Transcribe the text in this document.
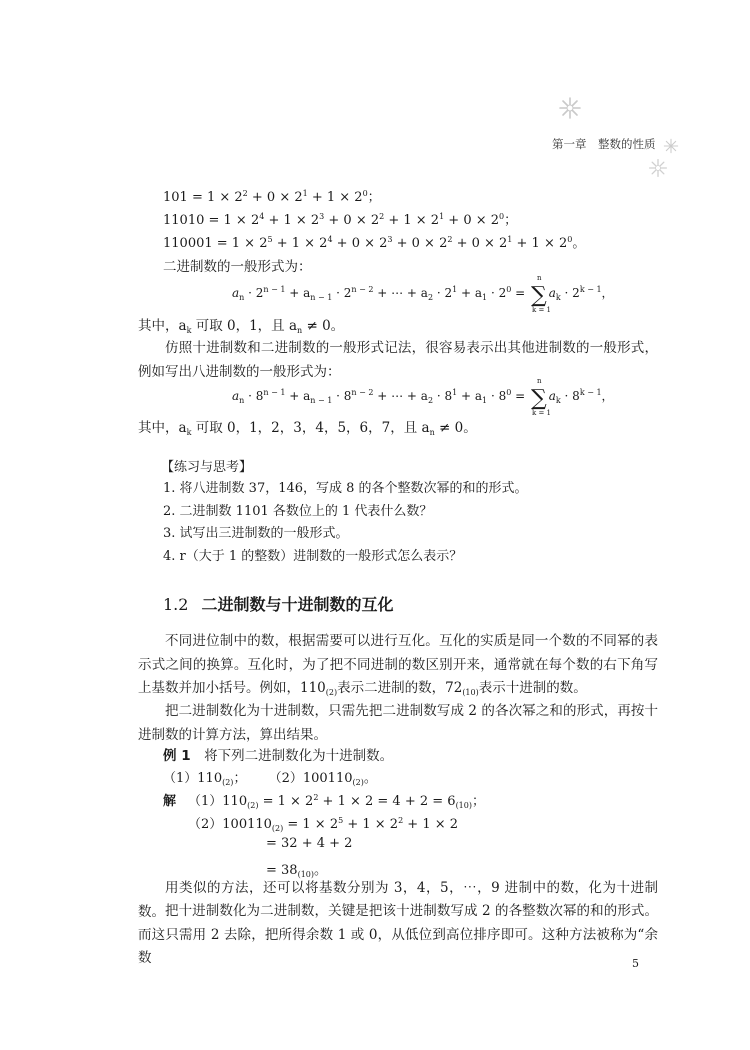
第一章　整数的性质
$101 = 1 \times 2^2 + 0 \times 2^1 + 1 \times 2^0$；
$11010 = 1 \times 2^4 + 1 \times 2^3 + 0 \times 2^2 + 1 \times 2^1 + 0 \times 2^0$；
$110001 = 1 \times 2^5 + 1 \times 2^4 + 0 \times 2^3 + 0 \times 2^2 + 0 \times 2^1 + 1 \times 2^0$。
二进制数的一般形式为：
$a_n \cdot 2^{n - 1} + a_{n - 1} \cdot 2^{n - 2}$ + ⋯ + $a_2 \cdot 2^1 + a_1 \cdot 2^0$ = ∑
n
k = 1
$a_k \cdot 2^{k - 1}$，
其中，$a_k$ 可取 0，1，且 $a_n \ne 0$。
仿照十进制数和二进制数的一般形式记法，很容易表示出其他进制数的一般形式，例如写出八进制数的一般形式为：
$a_n \cdot 8^{n - 1} + a_{n - 1} \cdot 8^{n - 2}$ + ⋯ + $a_2 \cdot 8^1 + a_1 \cdot 8^0$ = ∑
n
k = 1
$a_k \cdot 8^{k - 1}$，
其中，$a_k$ 可取 0，1，2，3，4，5，6，7，且 $a_n \ne 0$。
【练习与思考】
1. 将八进制数 37，146，写成 8 的各个整数次幂的和的形式。
2. 二进制数 1101 各数位上的 1 代表什么数？
3. 试写出三进制数的一般形式。
4. r（大于 1 的整数）进制数的一般形式怎么表示？
1.2 二进制数与十进制数的互化
不同进位制中的数，根据需要可以进行互化。互化的实质是同一个数的不同幂的表示式之间的换算。互化时，为了把不同进制的数区别开来，通常就在每个数的右下角写上基数并加小括号。例如，$110_{(2)}$表示二进制的数，$72_{(10)}$表示十进制的数。
把二进制数化为十进制数，只需先把二进制数写成 2 的各次幂之和的形式，再按十进制数的计算方法，算出结果。
例 1　将下列二进制数化为十进制数。
$(1)110_{(2)}$； $(2)100110_{(2)}$。
解 $(1)110_{(2)} = 1 \times 2^2 + 1 \times 2 = 4 + 2 = 6_{(10)}$；
$(2)100110_{(2)} = 1 \times 2^5 + 1 \times 2^2 + 1 \times 2$
= 32 + 4 + 2
= $38_{(10)}$。
用类似的方法，还可以将基数分别为 3，4，5，⋯，9 进制中的数，化为十进制数。 把十进制数化为二进制数，关键是把该十进制数写成 2 的各整数次幂的和的形式。而这只需用 2 去除，把所得余数 1 或 0，从低位到高位排序即可。这种方法被称为“余数	5
